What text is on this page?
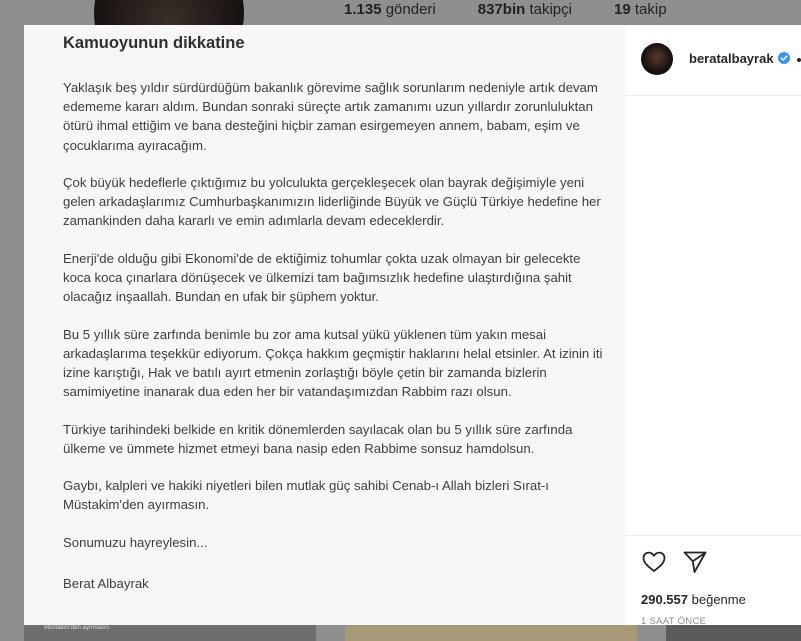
1.135 gönderi	837bin takipçi	19 takip
Müstakim'den ayırmasın.
Kamuoyunun dikkatine

Yaklaşık beş yıldır sürdürdüğüm bakanlık görevime sağlık sorunlarım nedeniyle artık devam edememe kararı aldım. Bundan sonraki süreçte artık zamanımı uzun yıllardır zorunluluktan ötürü ihmal ettiğim ve bana desteğini hiçbir zaman esirgemeyen annem, babam, eşim ve çocuklarıma ayıracağım.

Çok büyük hedeflerle çıktığımız bu yolculukta gerçekleşecek olan bayrak değişimiyle yeni gelen arkadaşlarımız Cumhurbaşkanımızın liderliğinde Büyük ve Güçlü Türkiye hedefine her zamankinden daha kararlı ve emin adımlarla devam edeceklerdir.

Enerji'de olduğu gibi Ekonomi'de de ektiğimiz tohumlar çokta uzak olmayan bir gelecekte koca koca çınarlara dönüşecek ve ülkemizi tam bağımsızlık hedefine ulaştırdığına şahit olacağız inşaallah. Bundan en ufak bir şüphem yoktur.

Bu 5 yıllık süre zarfında benimle bu zor ama kutsal yükü yüklenen tüm yakın mesai arkadaşlarıma teşekkür ediyorum. Çokça hakkım geçmiştir haklarını helal etsinler. At izinin iti izine karıştığı, Hak ve batılı ayırt etmenin zorlaştığı böyle çetin bir zamanda bizlerin samimiyetine inanarak dua eden her bir vatandaşımızdan Rabbim razı olsun.

Türkiye tarihindeki belkide en kritik dönemlerden sayılacak olan bu 5 yıllık süre zarfında ülkeme ve ümmete hizmet etmeyi bana nasip eden Rabbime sonsuz hamdolsun.

Gaybı, kalpleri ve hakiki niyetleri bilen mutlak güç sahibi Cenab-ı Allah bizleri Sırat-ı Müstakim'den ayırmasın.

Sonumuzu hayreylesin...

Berat Albayrak

beratalbayrak
290.557 beğenme
1 SAAT ÖNCE
